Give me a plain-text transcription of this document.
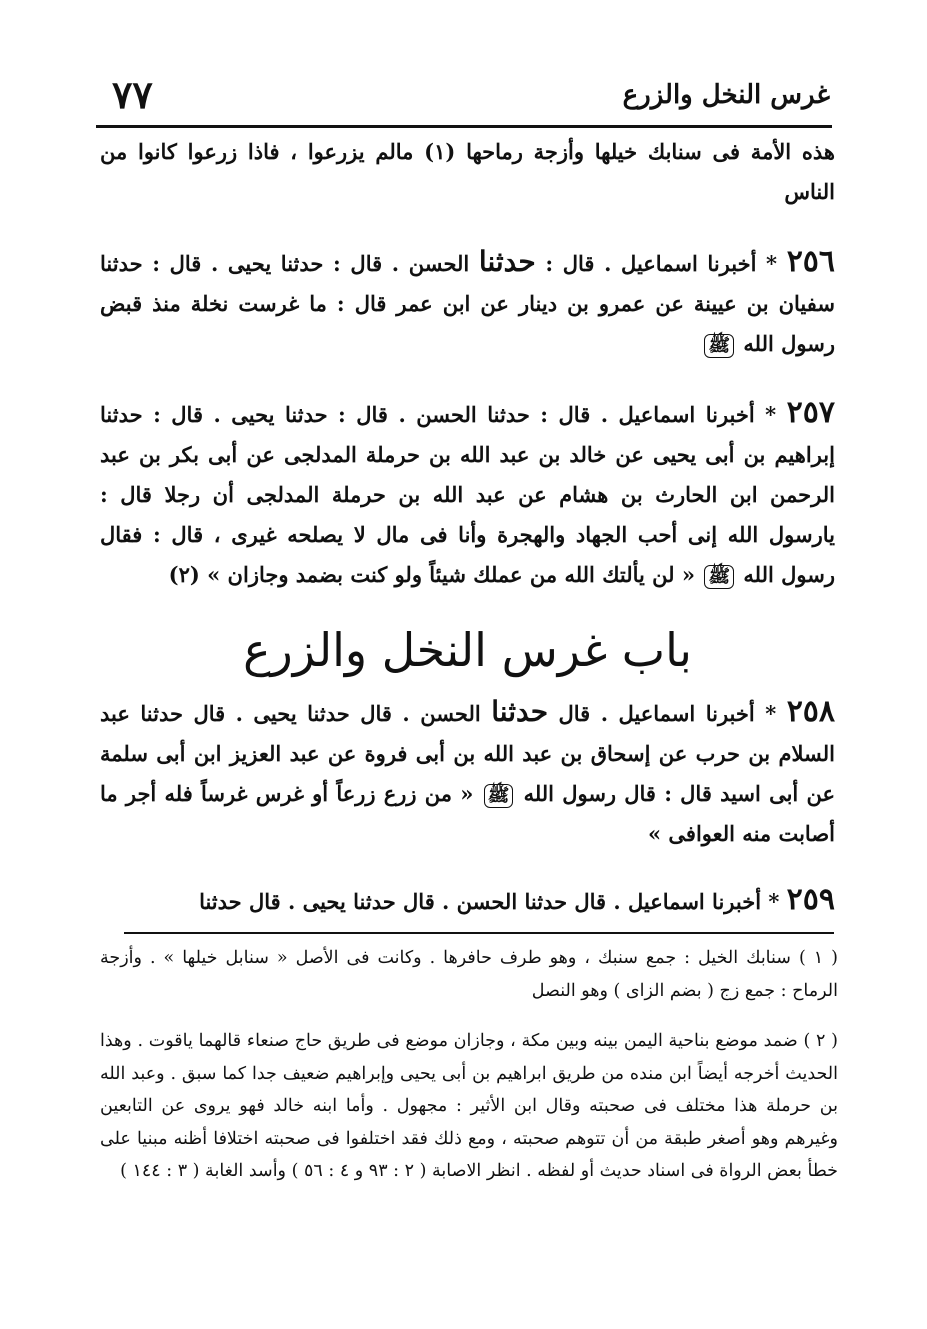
غرس النخل والزرع
٧٧
هذه الأمة فى سنابك خيلها وأزجة رماحها (١) مالم يزرعوا ، فاذا زرعوا كانوا من الناس
٢٥٦ * أخبرنا اسماعيل . قال : حدثنا الحسن . قال : حدثنا يحيى . قال : حدثنا سفيان بن عيينة عن عمرو بن دينار عن ابن عمر قال : ما غرست نخلة منذ قبض رسول الله ﷺ
٢٥٧ * أخبرنا اسماعيل . قال : حدثنا الحسن . قال : حدثنا يحيى . قال : حدثنا إبراهيم بن أبى يحيى عن خالد بن عبد الله بن حرملة المدلجى عن أبى بكر بن عبد الرحمن ابن الحارث بن هشام عن عبد الله بن حرملة المدلجى أن رجلا قال : يارسول الله إنى أحب الجهاد والهجرة وأنا فى مال لا يصلحه غيرى ، قال : فقال رسول الله ﷺ « لن يألتك الله من عملك شيئاً ولو كنت بضمد وجازان » (٢)
باب غرس النخل والزرع
٢٥٨ * أخبرنا اسماعيل . قال حدثنا الحسن . قال حدثنا يحيى . قال حدثنا عبد السلام بن حرب عن إسحاق بن عبد الله بن أبى فروة عن عبد العزيز ابن أبى سلمة عن أبى اسيد قال : قال رسول الله ﷺ « من زرع زرعاً أو غرس غرساً فله أجر ما أصابت منه العوافى »
٢٥٩ * أخبرنا اسماعيل . قال حدثنا الحسن . قال حدثنا يحيى . قال حدثنا
( ١ ) سنابك الخيل : جمع سنبك ، وهو طرف حافرها . وكانت فى الأصل « سنابل خيلها » . وأزجة الرماح : جمع زج ( بضم الزاى ) وهو النصل
( ٢ ) ضمد موضع بناحية اليمن بينه وبين مكة ، وجازان موضع فى طريق حاج صنعاء قالهما ياقوت . وهذا الحديث أخرجه أيضاً ابن منده من طريق ابراهيم بن أبى يحيى وإبراهيم ضعيف جدا كما سبق . وعبد الله بن حرملة هذا مختلف فى صحبته وقال ابن الأثير : مجهول . وأما ابنه خالد فهو يروى عن التابعين وغيرهم وهو أصغر طبقة من أن تتوهم صحبته ، ومع ذلك فقد اختلفوا فى صحبته اختلافا أظنه مبنيا على خطأ بعض الرواة فى اسناد حديث أو لفظه . انظر الاصابة ( ٢ : ٩٣ و ٤ : ٥٦ ) وأسد الغابة ( ٣ : ١٤٤ )
